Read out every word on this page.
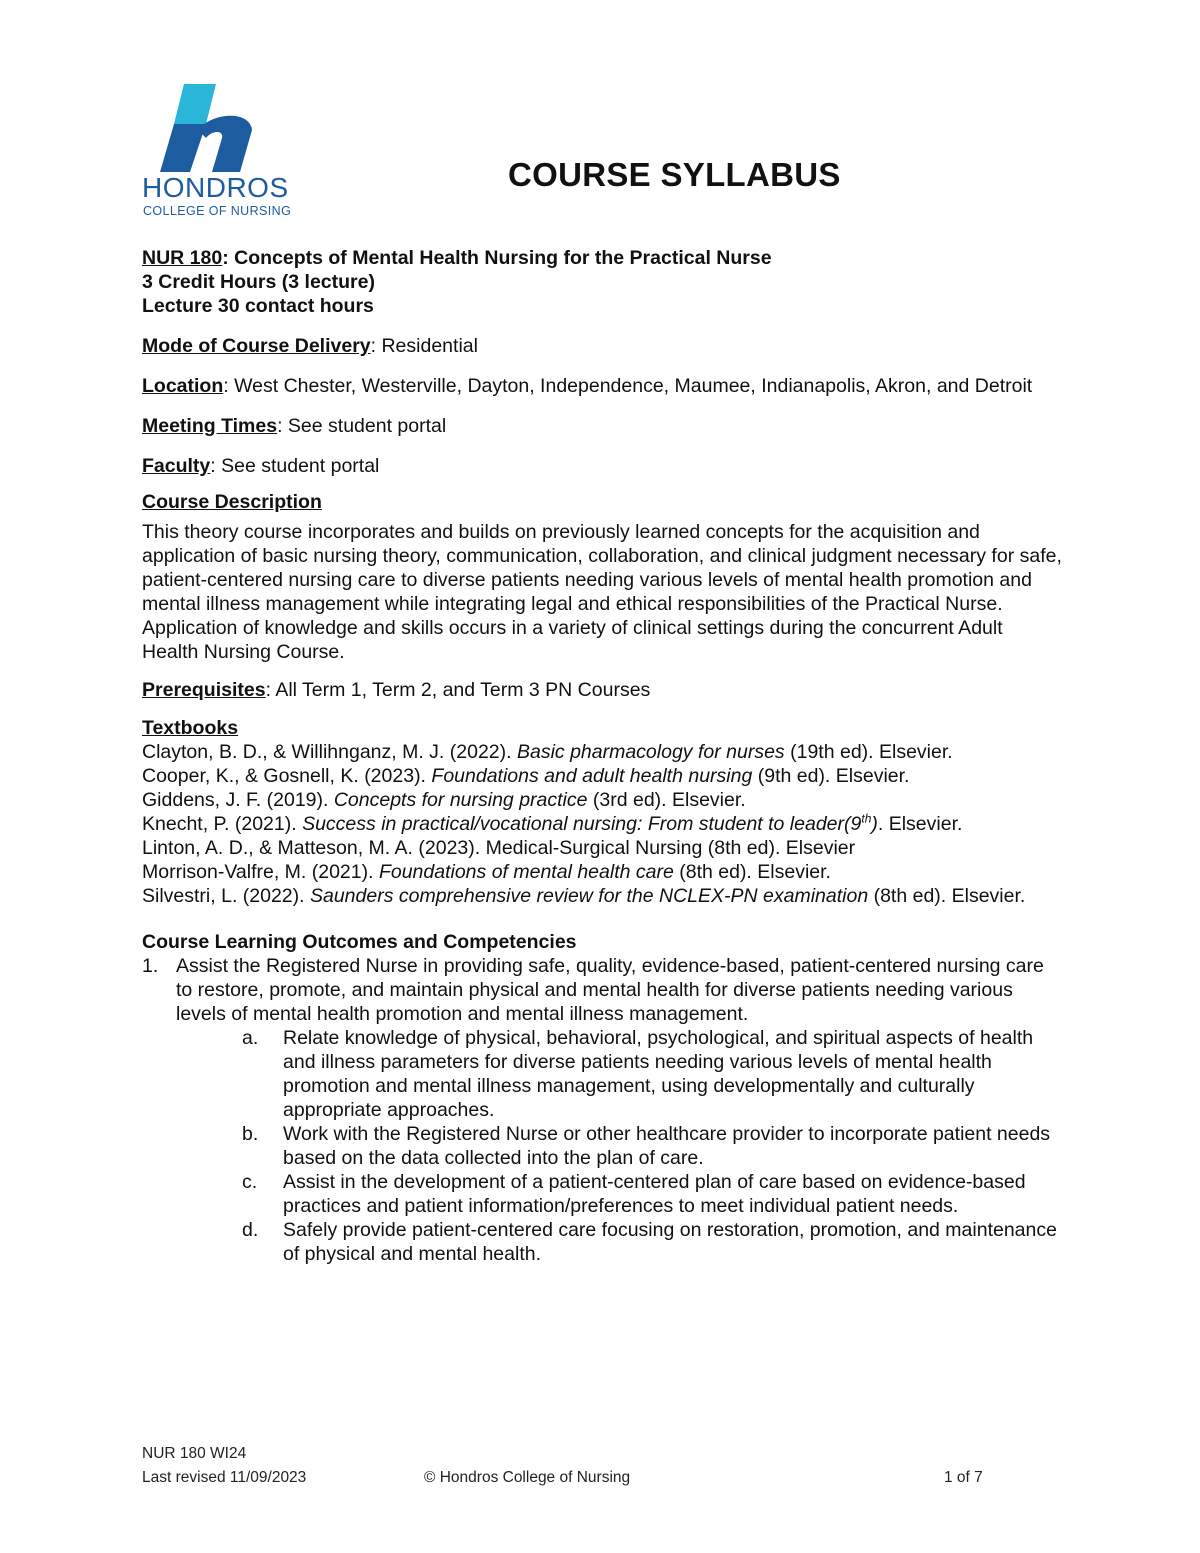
HONDROS
COLLEGE OF NURSING
COURSE SYLLABUS

NUR 180: Concepts of Mental Health Nursing for the Practical Nurse

3 Credit Hours (3 lecture)

Lecture 30 contact hours

Mode of Course Delivery: Residential

Location: West Chester, Westerville, Dayton, Independence, Maumee, Indianapolis, Akron, and Detroit

Meeting Times: See student portal

Faculty: See student portal

Course Description

This theory course incorporates and builds on previously learned concepts for the acquisition and application of basic nursing theory, communication, collaboration, and clinical judgment necessary for safe, patient-centered nursing care to diverse patients needing various levels of mental health promotion and mental illness management while integrating legal and ethical responsibilities of the Practical Nurse. Application of knowledge and skills occurs in a variety of clinical settings during the concurrent Adult Health Nursing Course.

Prerequisites: All Term 1, Term 2, and Term 3 PN Courses

Textbooks

Clayton, B. D., & Willihnganz, M. J. (2022). Basic pharmacology for nurses (19th ed). Elsevier.

Cooper, K., & Gosnell, K. (2023). Foundations and adult health nursing (9th ed). Elsevier.

Giddens, J. F. (2019). Concepts for nursing practice (3rd ed). Elsevier.

Knecht, P. (2021). Success in practical/vocational nursing: From student to leader(9th). Elsevier.

Linton, A. D., & Matteson, M. A. (2023). Medical-Surgical Nursing (8th ed). Elsevier

Morrison-Valfre, M. (2021). Foundations of mental health care (8th ed). Elsevier.

Silvestri, L. (2022). Saunders comprehensive review for the NCLEX-PN examination (8th ed). Elsevier.

Course Learning Outcomes and Competencies

1. Assist the Registered Nurse in providing safe, quality, evidence-based, patient-centered nursing care to restore, promote, and maintain physical and mental health for diverse patients needing various levels of mental health promotion and mental illness management.
a.	Relate knowledge of physical, behavioral, psychological, and spiritual aspects of health and illness parameters for diverse patients needing various levels of mental health promotion and mental illness management, using developmentally and culturally appropriate approaches.
b.	Work with the Registered Nurse or other healthcare provider to incorporate patient needs based on the data collected into the plan of care.
c.	Assist in the development of a patient-centered plan of care based on evidence-based practices and patient information/preferences to meet individual patient needs.
d.	Safely provide patient-centered care focusing on restoration, promotion, and maintenance of physical and mental health.
NUR 180 WI24
Last revised 11/09/2023	© Hondros College of Nursing	1 of 7
